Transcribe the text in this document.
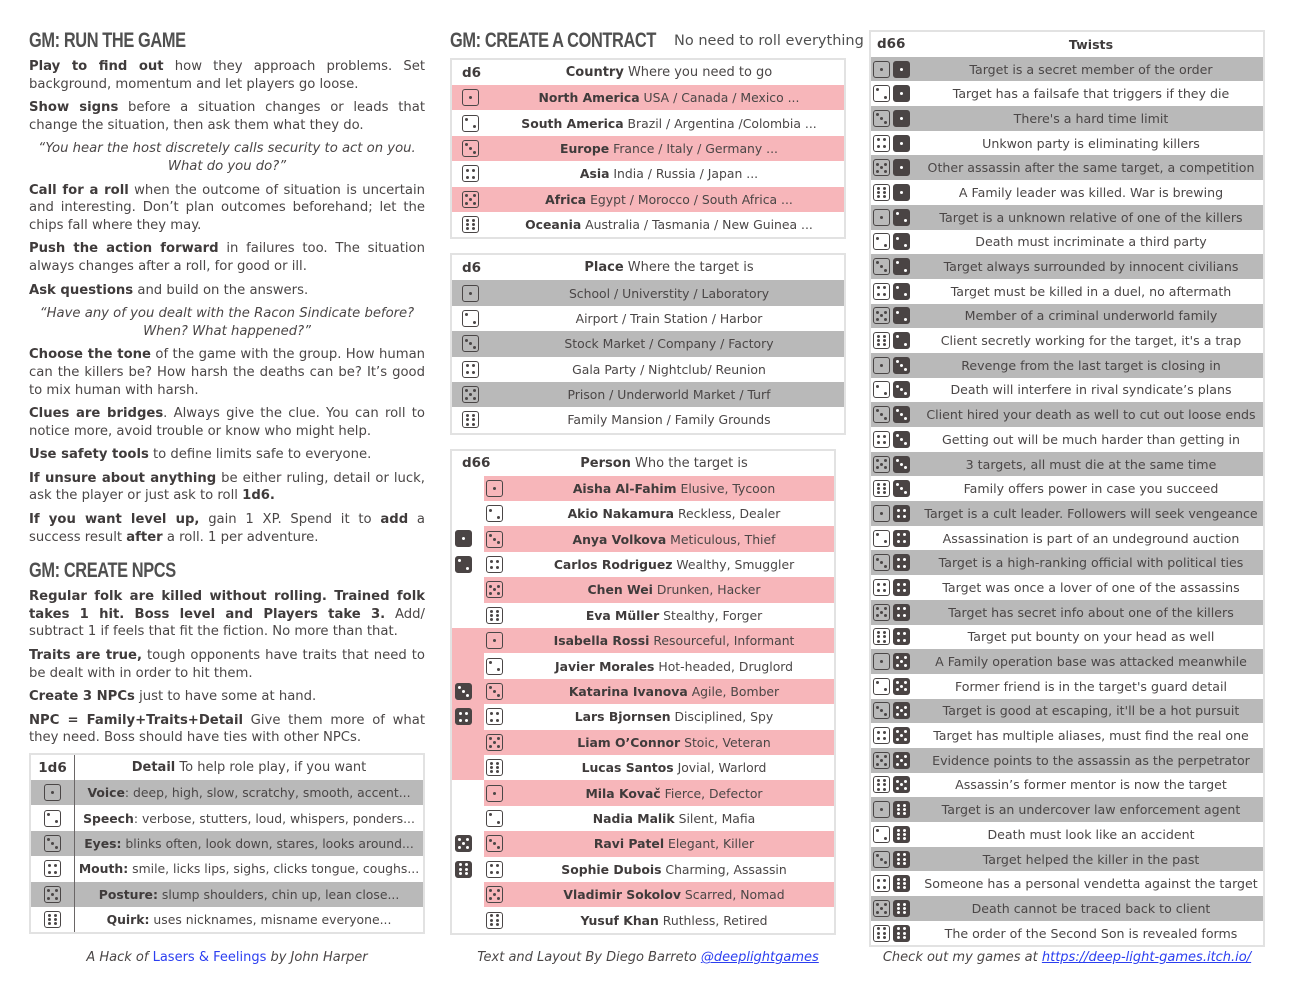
GM: RUN THE GAME

Play to find out how they approach problems. Set background, momentum and let players go loose.

Show signs before a situation changes or leads that change the situation, then ask them what they do.

“You hear the host discretely calls security to act on you. What do you do?”

Call for a roll when the outcome of situation is uncertain and interesting. Don’t plan outcomes beforehand; let the chips fall where they may.

Push the action forward in failures too. The situation always changes after a roll, for good or ill.

Ask questions and build on the answers.

“Have any of you dealt with the Racon Sindicate before? When? What happened?”

Choose the tone of the game with the group. How human can the killers be? How harsh the deaths can be? It’s good to mix human with harsh.

Clues are bridges. Always give the clue. You can roll to notice more, avoid trouble or know who might help.

Use safety tools to define limits safe to everyone.

If unsure about anything be either ruling, detail or luck, ask the player or just ask to roll 1d6.

If you want level up, gain 1 XP. Spend it to add a success result after a roll. 1 per adventure.

GM: CREATE NPCS

Regular folk are killed without rolling. Trained folk takes 1 hit. Boss level and Players take 3. Add/ subtract 1 if feels that fit the fiction. No more than that.

Traits are true, tough opponents have traits that need to be dealt with in order to hit them.

Create 3 NPCs just to have some at hand.

NPC = Family+Traits+Detail Give them more of what they need. Boss should have ties with other NPCs.

1d6	Detail To help role play, if you want
Voice: deep, high, slow, scratchy, smooth, accent...
Speech: verbose, stutters, loud, whispers, ponders...
Eyes: blinks often, look down, stares, looks around...
Mouth: smile, licks lips, sighs, clicks tongue, coughs...
Posture: slump shoulders, chin up, lean close...
Quirk: uses nicknames, misname everyone...
A Hack of Lasers & Feelings by John Harper
GM: CREATE A CONTRACT No need to roll everything
d6	Country Where you need to go
North America USA / Canada / Mexico ...
South America Brazil / Argentina /Colombia ...
Europe France / Italy / Germany ...
Asia India / Russia / Japan ...
Africa Egypt / Morocco / South Africa ...
Oceania Australia / Tasmania / New Guinea ...
d6	Place Where the target is
School / Universtity / Laboratory
Airport / Train Station / Harbor
Stock Market / Company / Factory
Gala Party / Nightclub/ Reunion
Prison / Underworld Market / Turf
Family Mansion / Family Grounds
d66	Person Who the target is
Aisha Al-Fahim Elusive, Tycoon
Akio Nakamura Reckless, Dealer
Anya Volkova Meticulous, Thief
Carlos Rodriguez Wealthy, Smuggler
Chen Wei Drunken, Hacker
Eva Müller Stealthy, Forger
Isabella Rossi Resourceful, Informant
Javier Morales Hot-headed, Druglord
Katarina Ivanova Agile, Bomber
Lars Bjornsen Disciplined, Spy
Liam O’Connor Stoic, Veteran
Lucas Santos Jovial, Warlord
Mila Kovač Fierce, Defector
Nadia Malik Silent, Mafia
Ravi Patel Elegant, Killer
Sophie Dubois Charming, Assassin
Vladimir Sokolov Scarred, Nomad
Yusuf Khan Ruthless, Retired
Text and Layout By Diego Barreto @deeplightgames
d66	Twists
Target is a secret member of the order
Target has a failsafe that triggers if they die
There's a hard time limit
Unkwon party is eliminating killers
Other assassin after the same target, a competition
A Family leader was killed. War is brewing
Target is a unknown relative of one of the killers
Death must incriminate a third party
Target always surrounded by innocent civilians
Target must be killed in a duel, no aftermath
Member of a criminal underworld family
Client secretly working for the target, it's a trap
Revenge from the last target is closing in
Death will interfere in rival syndicate’s plans
Client hired your death as well to cut out loose ends
Getting out will be much harder than getting in
3 targets, all must die at the same time
Family offers power in case you succeed
Target is a cult leader. Followers will seek vengeance
Assassination is part of an undeground auction
Target is a high-ranking official with political ties
Target was once a lover of one of the assassins
Target has secret info about one of the killers
Target put bounty on your head as well
A Family operation base was attacked meanwhile
Former friend is in the target's guard detail
Target is good at escaping, it'll be a hot pursuit
Target has multiple aliases, must find the real one
Evidence points to the assassin as the perpetrator
Assassin’s former mentor is now the target
Target is an undercover law enforcement agent
Death must look like an accident
Target helped the killer in the past
Someone has a personal vendetta against the target
Death cannot be traced back to client
The order of the Second Son is revealed forms
Check out my games at https://deep-light-games.itch.io/
